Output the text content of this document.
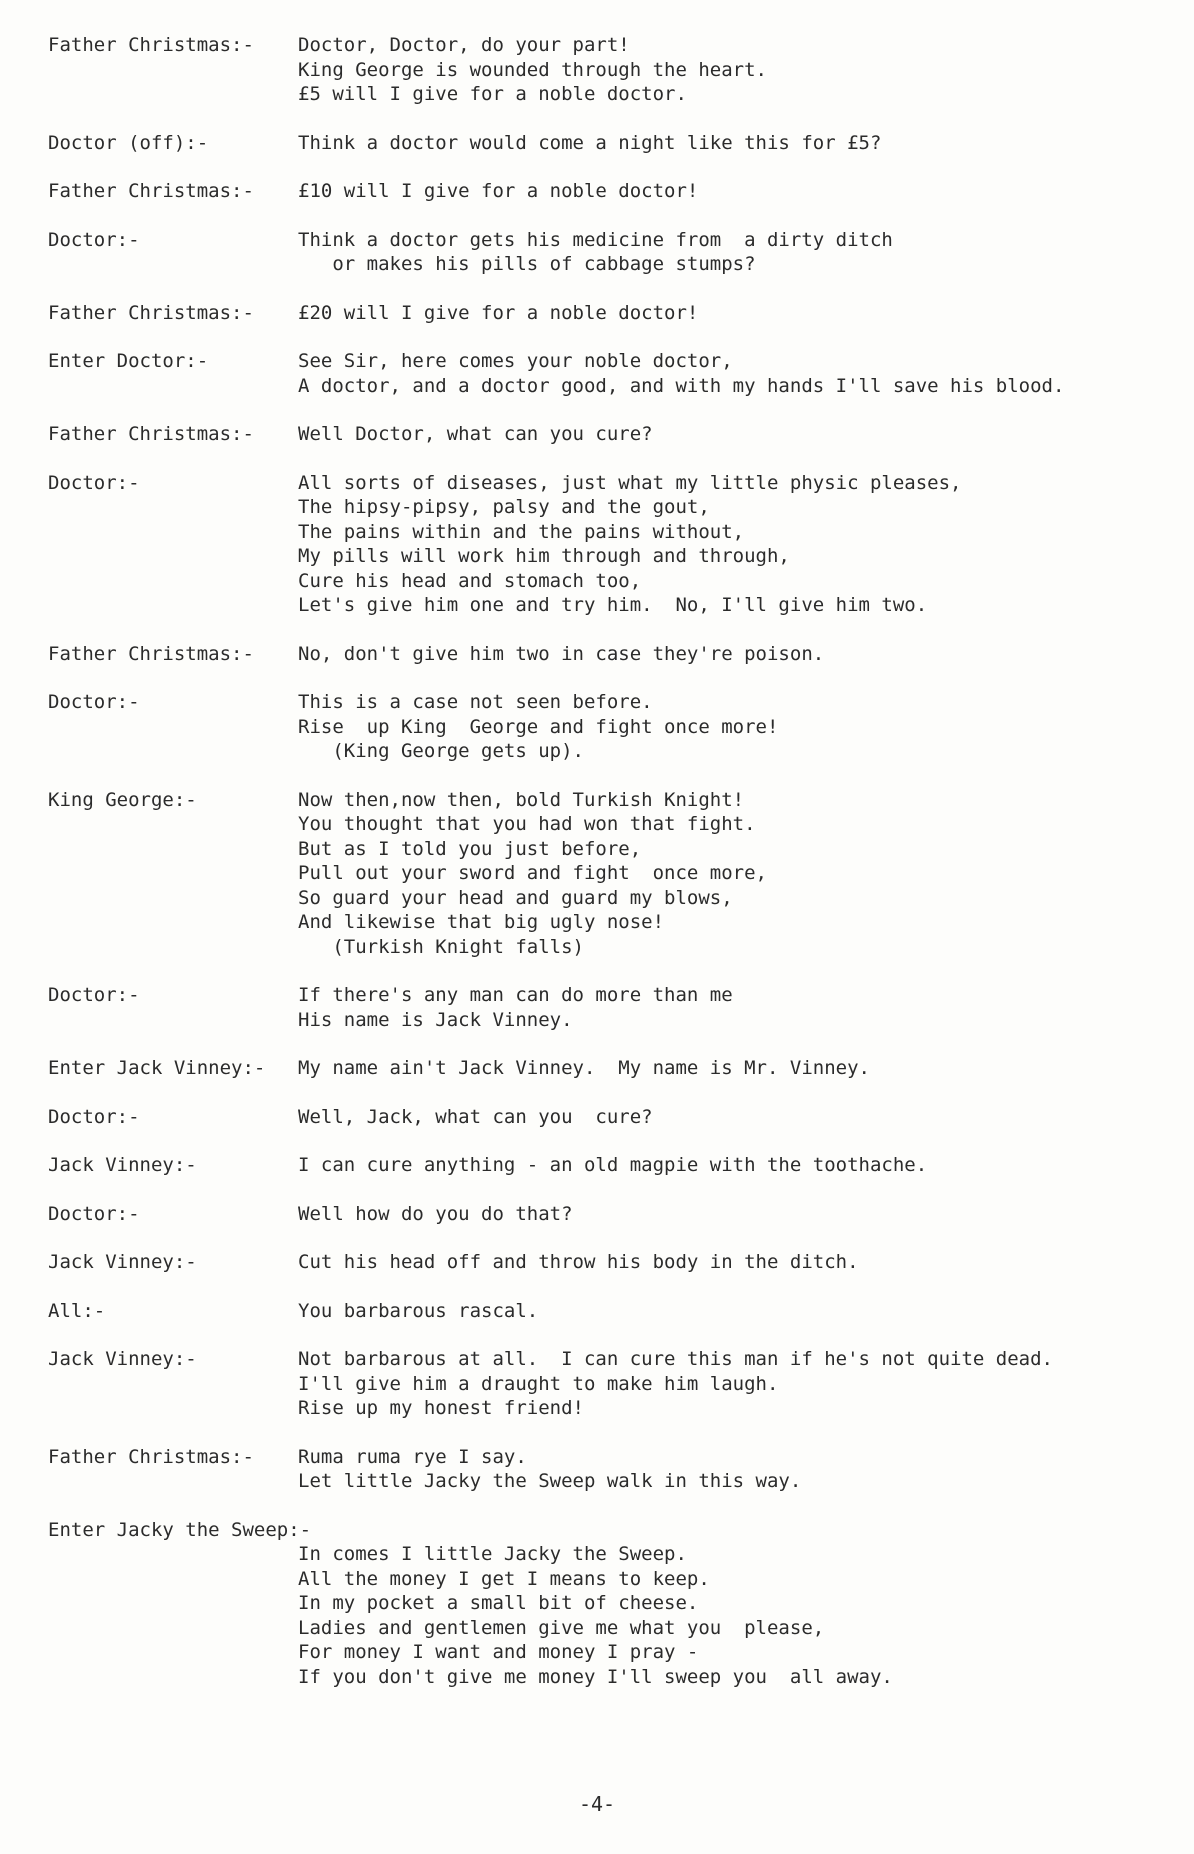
Father Christmas:-	Doctor, Doctor, do your part!
King George is wounded through the heart.
£5 will I give for a noble doctor.
Doctor (off):-	Think a doctor would come a night like this for £5?
Father Christmas:-	£10 will I give for a noble doctor!
Doctor:-	Think a doctor gets his medicine from  a dirty ditch
or makes his pills of cabbage stumps?
Father Christmas:-	£20 will I give for a noble doctor!
Enter Doctor:-	See Sir, here comes your noble doctor,
A doctor, and a doctor good, and with my hands I'll save his blood.
Father Christmas:-	Well Doctor, what can you cure?
Doctor:-	All sorts of diseases, just what my little physic pleases,
The hipsy-pipsy, palsy and the gout,
The pains within and the pains without,
My pills will work him through and through,
Cure his head and stomach too,
Let's give him one and try him.  No, I'll give him two.
Father Christmas:-	No, don't give him two in case they're poison.
Doctor:-	This is a case not seen before.
Rise  up King  George and fight once more!
(King George gets up).
King George:-	Now then,now then, bold Turkish Knight!
You thought that you had won that fight.
But as I told you just before,
Pull out your sword and fight  once more,
So guard your head and guard my blows,
And likewise that big ugly nose!
(Turkish Knight falls)
Doctor:-	If there's any man can do more than me
His name is Jack Vinney.
Enter Jack Vinney:-	My name ain't Jack Vinney.  My name is Mr. Vinney.
Doctor:-	Well, Jack, what can you  cure?
Jack Vinney:-	I can cure anything - an old magpie with the toothache.
Doctor:-	Well how do you do that?
Jack Vinney:-	Cut his head off and throw his body in the ditch.
All:-	You barbarous rascal.
Jack Vinney:-	Not barbarous at all.  I can cure this man if he's not quite dead.
I'll give him a draught to make him laugh.
Rise up my honest friend!
Father Christmas:-	Ruma ruma rye I say.
Let little Jacky the Sweep walk in this way.
Enter Jacky the Sweep:-
In comes I little Jacky the Sweep.
All the money I get I means to keep.
In my pocket a small bit of cheese.
Ladies and gentlemen give me what you  please,
For money I want and money I pray -
If you don't give me money I'll sweep you  all away.
-4-
